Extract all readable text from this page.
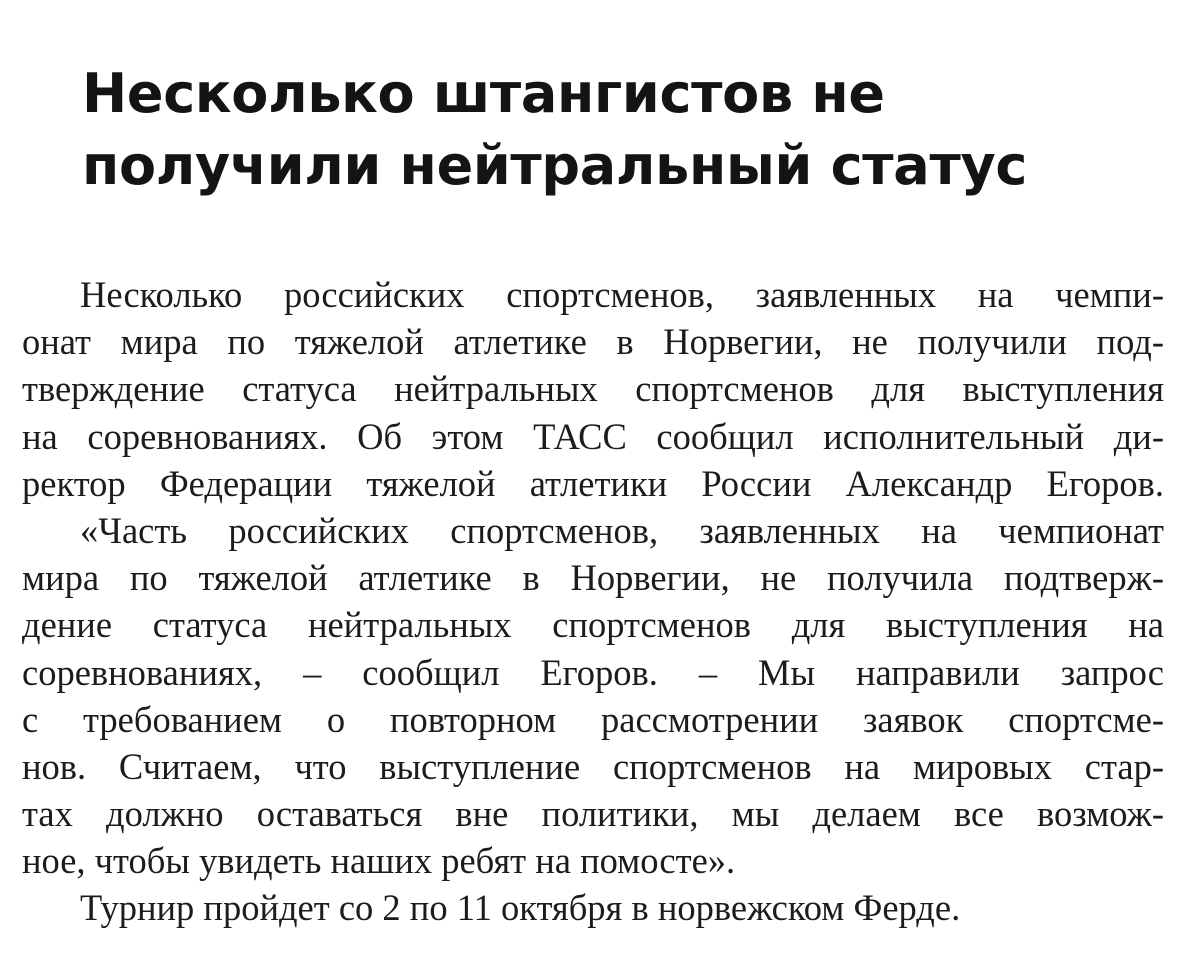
Несколько штангистов не
получили нейтральный статус
Несколько российских спортсменов, заявленных на чемпи-
онат мира по тяжелой атлетике в Норвегии, не получили под-
тверждение статуса нейтральных спортсменов для выступления
на соревнованиях. Об этом ТАСС сообщил исполнительный ди-
ректор Федерации тяжелой атлетики России Александр Егоров.
«Часть российских спортсменов, заявленных на чемпионат
мира по тяжелой атлетике в Норвегии, не получила подтверж-
дение статуса нейтральных спортсменов для выступления на
соревнованиях, – сообщил Егоров. – Мы направили запрос
с требованием о повторном рассмотрении заявок спортсме-
нов. Считаем, что выступление спортсменов на мировых стар-
тах должно оставаться вне политики, мы делаем все возмож-
ное, чтобы увидеть наших ребят на помосте».
Турнир пройдет со 2 по 11 октября в норвежском Ферде.
